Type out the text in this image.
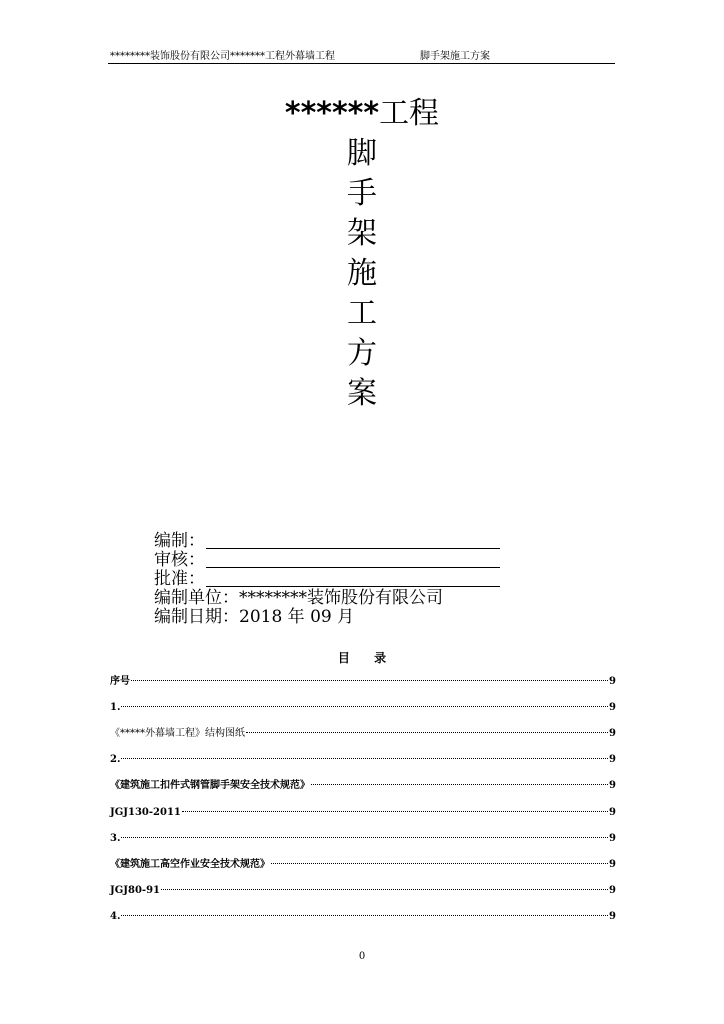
********装饰股份有限公司*******工程外幕墙工程	脚手架施工方案
******工程
脚
手
架
施
工
方
案
编制：
审核：
批准：
编制单位：********装饰股份有限公司
编制日期：2018 年 09 月
目 录
序号	9
1.	9
《*****外幕墙工程》结构图纸	9
2.	9
《建筑施工扣件式钢管脚手架安全技术规范》	9
JGJ130-2011	9
3.	9
《建筑施工高空作业安全技术规范》	9
JGJ80-91	9
4.	9
0
